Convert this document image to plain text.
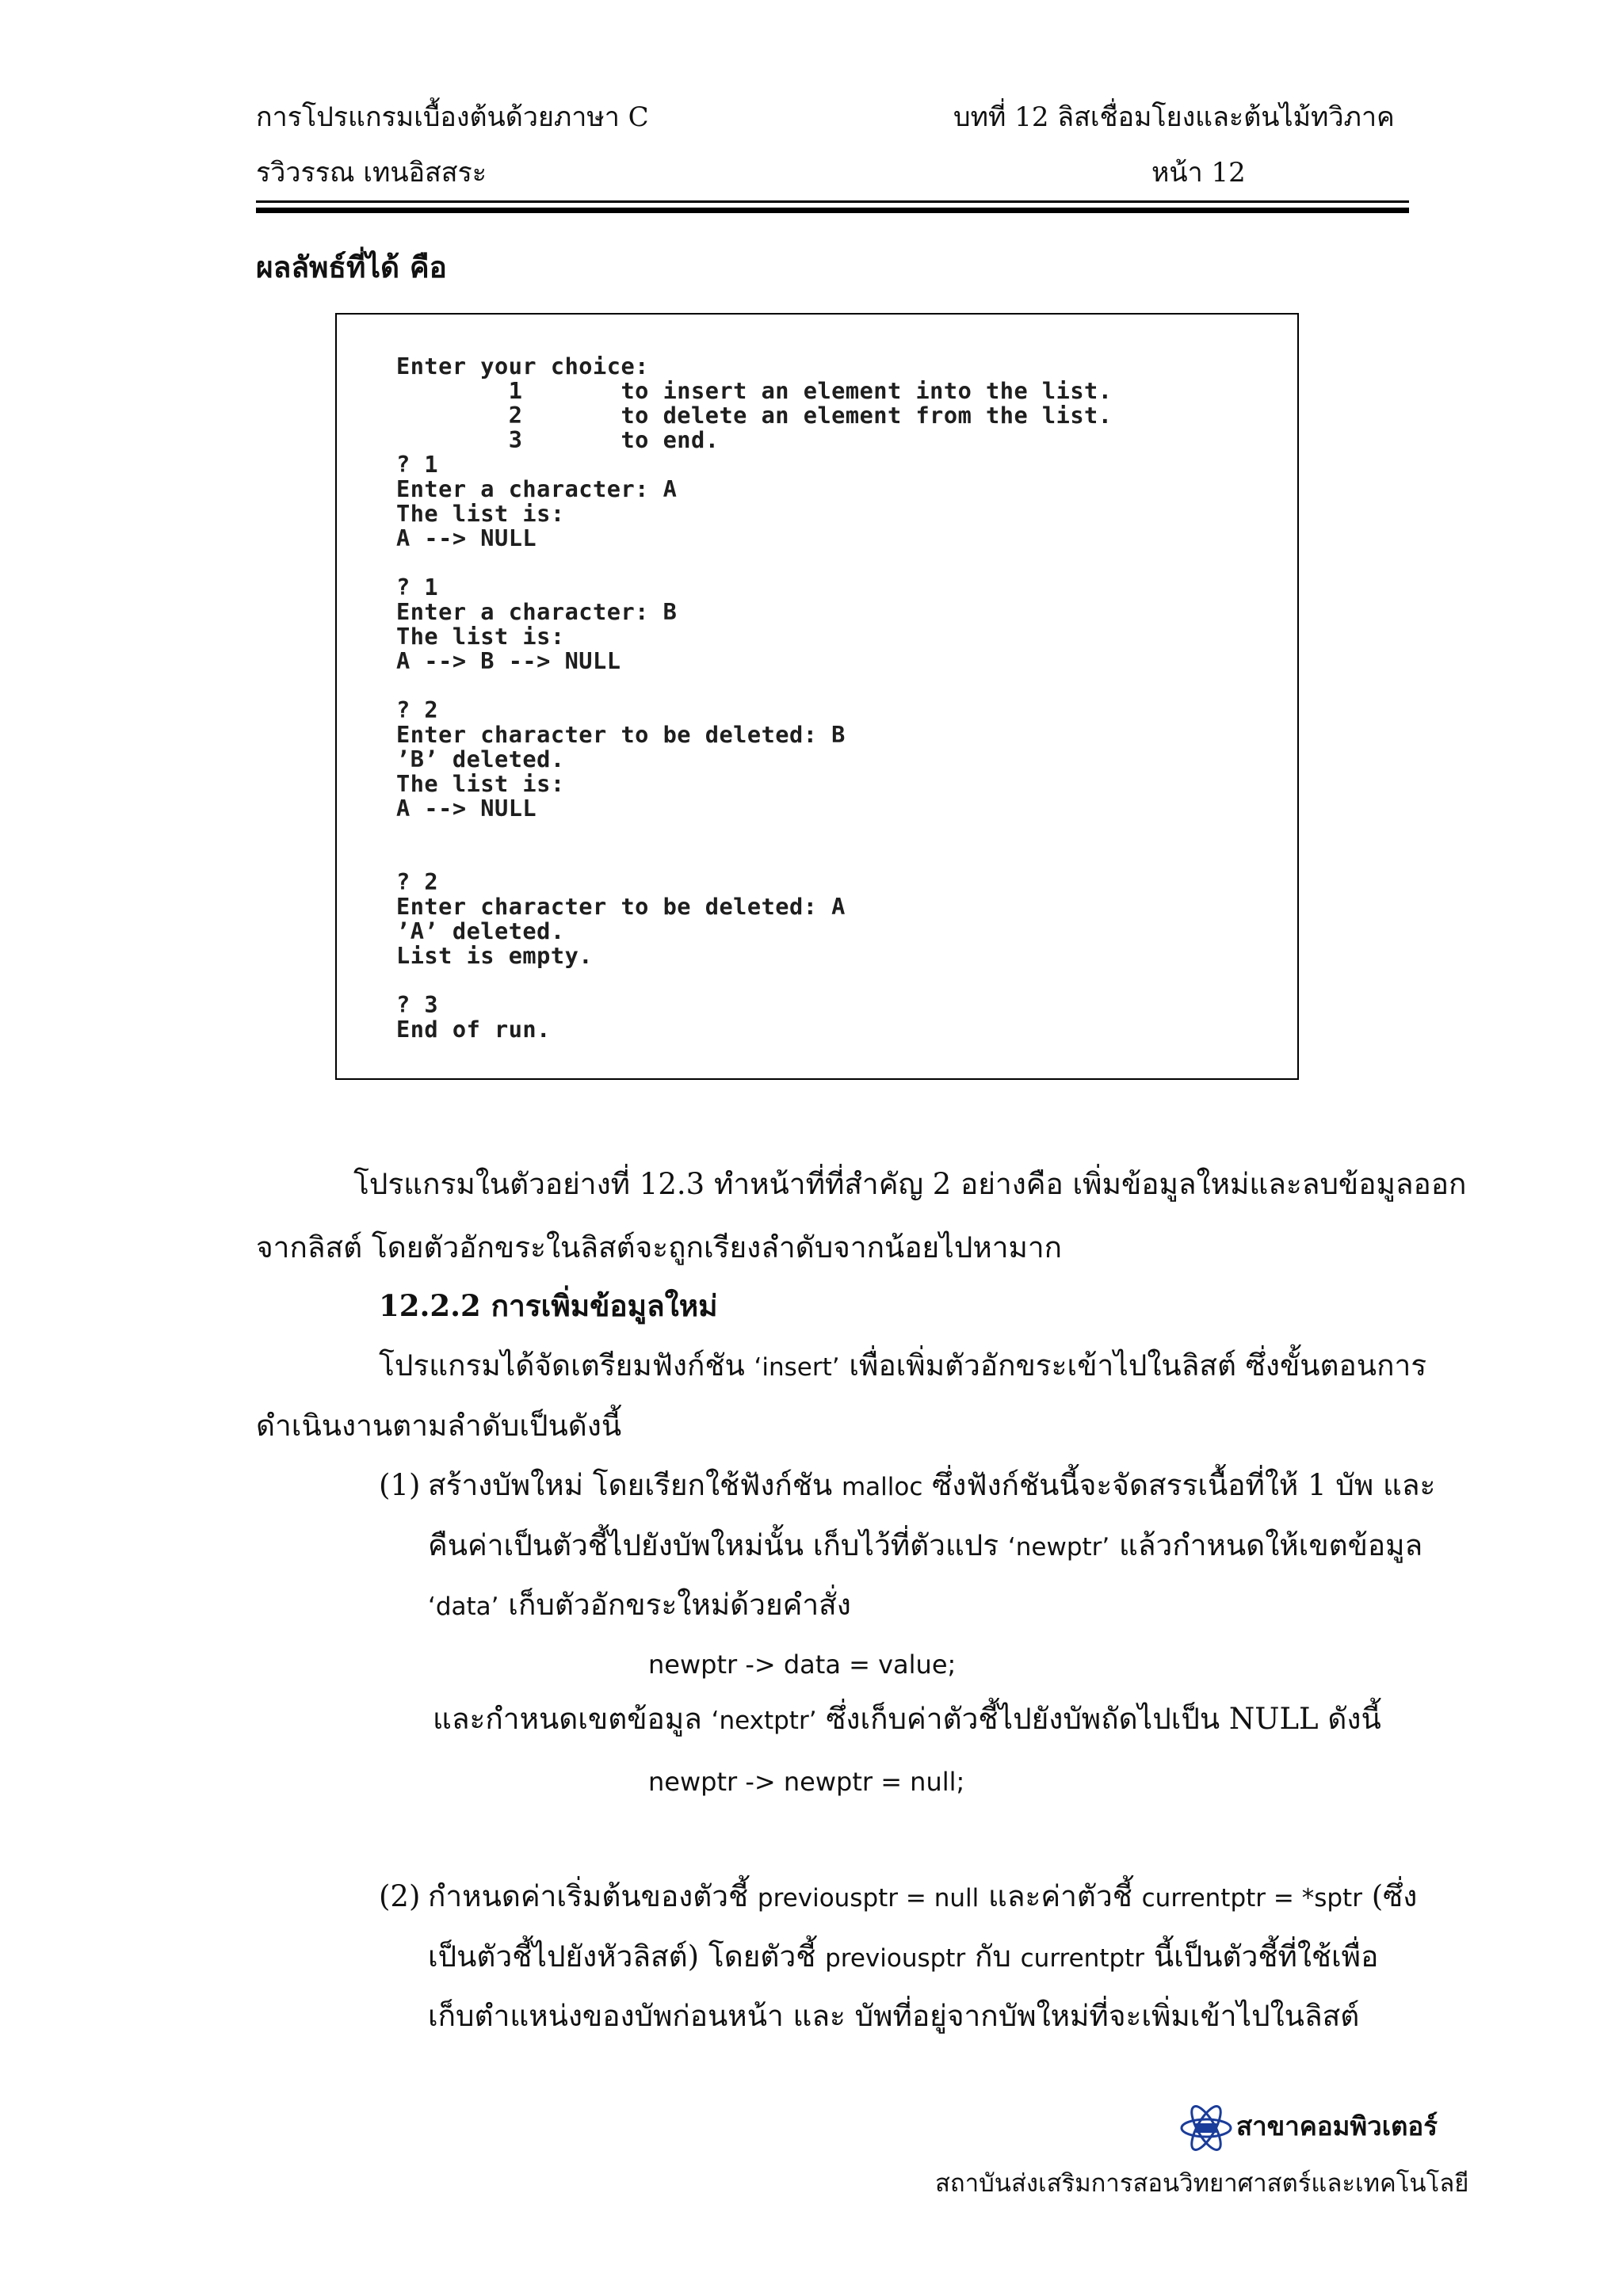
การโปรแกรมเบื้องต้นด้วยภาษา C	บทที่ 12 ลิสเชื่อมโยงและต้นไม้ทวิภาค
รวิวรรณ เทนอิสสระ	หน้า 12
ผลลัพธ์ที่ได้ คือ
Enter your choice:
1       to insert an element into the list.
2       to delete an element from the list.
3       to end.
? 1
Enter a character: A
The list is:
A --> NULL
? 1
Enter a character: B
The list is:
A --> B --> NULL
? 2
Enter character to be deleted: B
’B’ deleted.
The list is:
A --> NULL
? 2
Enter character to be deleted: A
’A’ deleted.
List is empty.
? 3
End of run.
โปรแกรมในตัวอย่างที่ 12.3 ทำหน้าที่ที่สำคัญ 2 อย่างคือ เพิ่มข้อมูลใหม่และลบข้อมูลออก
จากลิสต์ โดยตัวอักขระในลิสต์จะถูกเรียงลำดับจากน้อยไปหามาก
12.2.2 การเพิ่มข้อมูลใหม่
โปรแกรมได้จัดเตรียมฟังก์ชัน ‘insert’ เพื่อเพิ่มตัวอักขระเข้าไปในลิสต์ ซึ่งขั้นตอนการ
ดำเนินงานตามลำดับเป็นดังนี้
(1) สร้างบัพใหม่ โดยเรียกใช้ฟังก์ชัน malloc ซึ่งฟังก์ชันนี้จะจัดสรรเนื้อที่ให้ 1 บัพ และ
คืนค่าเป็นตัวชี้ไปยังบัพใหม่นั้น เก็บไว้ที่ตัวแปร ‘newptr’ แล้วกำหนดให้เขตข้อมูล
‘data’ เก็บตัวอักขระใหม่ด้วยคำสั่ง
newptr -> data = value;
และกำหนดเขตข้อมูล ‘nextptr’ ซึ่งเก็บค่าตัวชี้ไปยังบัพถัดไปเป็น NULL ดังนี้
newptr -> newptr = null;
(2) กำหนดค่าเริ่มต้นของตัวชี้ previousptr = null และค่าตัวชี้ currentptr = *sptr (ซึ่ง
เป็นตัวชี้ไปยังหัวลิสต์) โดยตัวชี้ previousptr กับ currentptr นี้เป็นตัวชี้ที่ใช้เพื่อ
เก็บตำแหน่งของบัพก่อนหน้า และ บัพที่อยู่จากบัพใหม่ที่จะเพิ่มเข้าไปในลิสต์
สาขาคอมพิวเตอร์
สถาบันส่งเสริมการสอนวิทยาศาสตร์และเทคโนโลยี
